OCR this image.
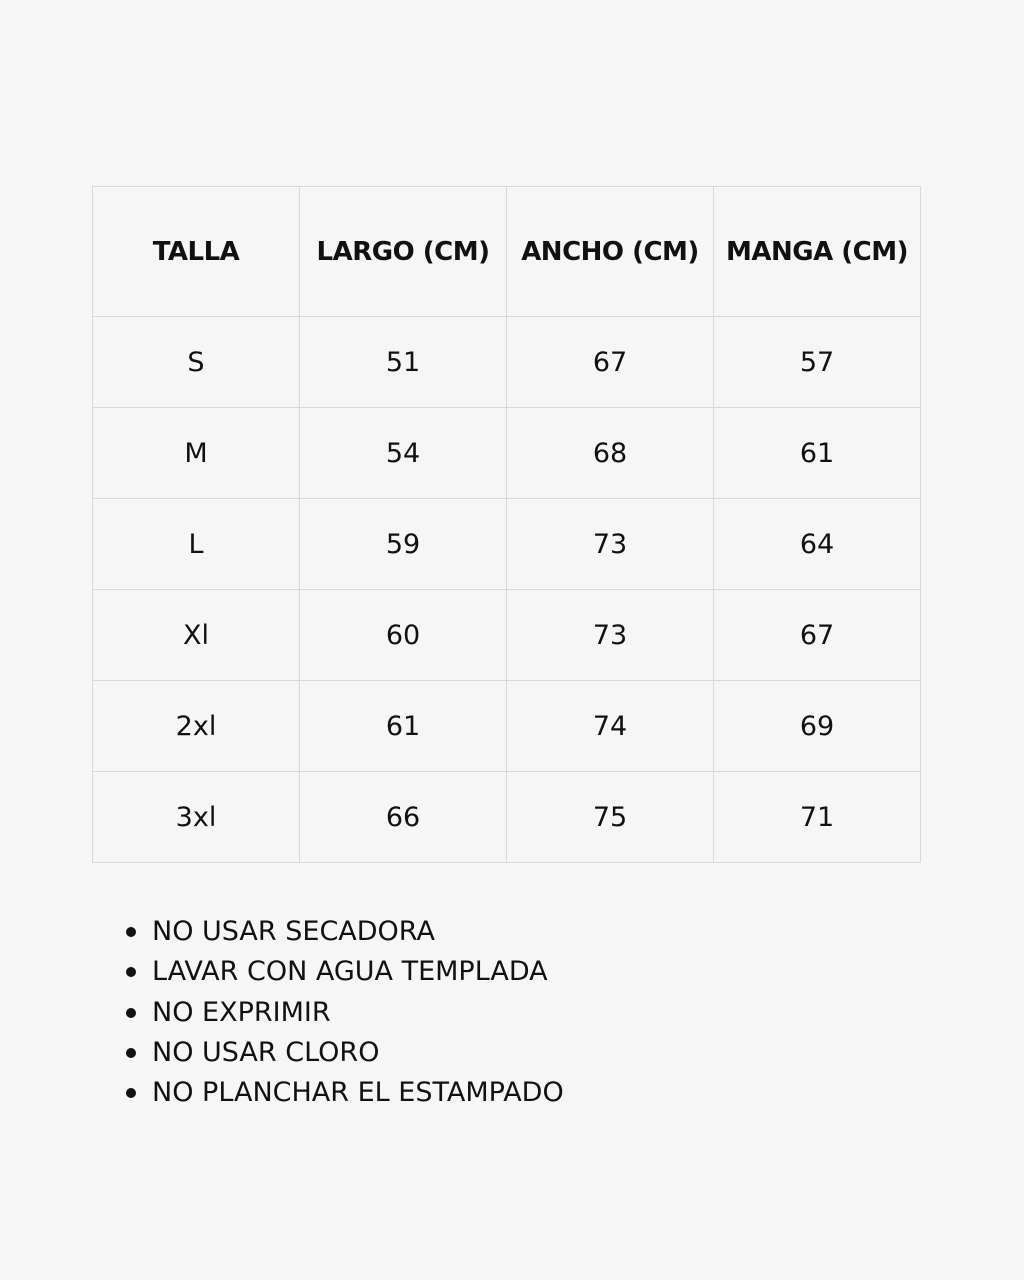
TALLA	LARGO (CM)	ANCHO (CM)	MANGA (CM)
S	51	67	57
M	54	68	61
L	59	73	64
Xl	60	73	67
2xl	61	74	69
3xl	66	75	71
NO USAR SECADORA
LAVAR CON AGUA TEMPLADA
NO EXPRIMIR
NO USAR CLORO
NO PLANCHAR EL ESTAMPADO
